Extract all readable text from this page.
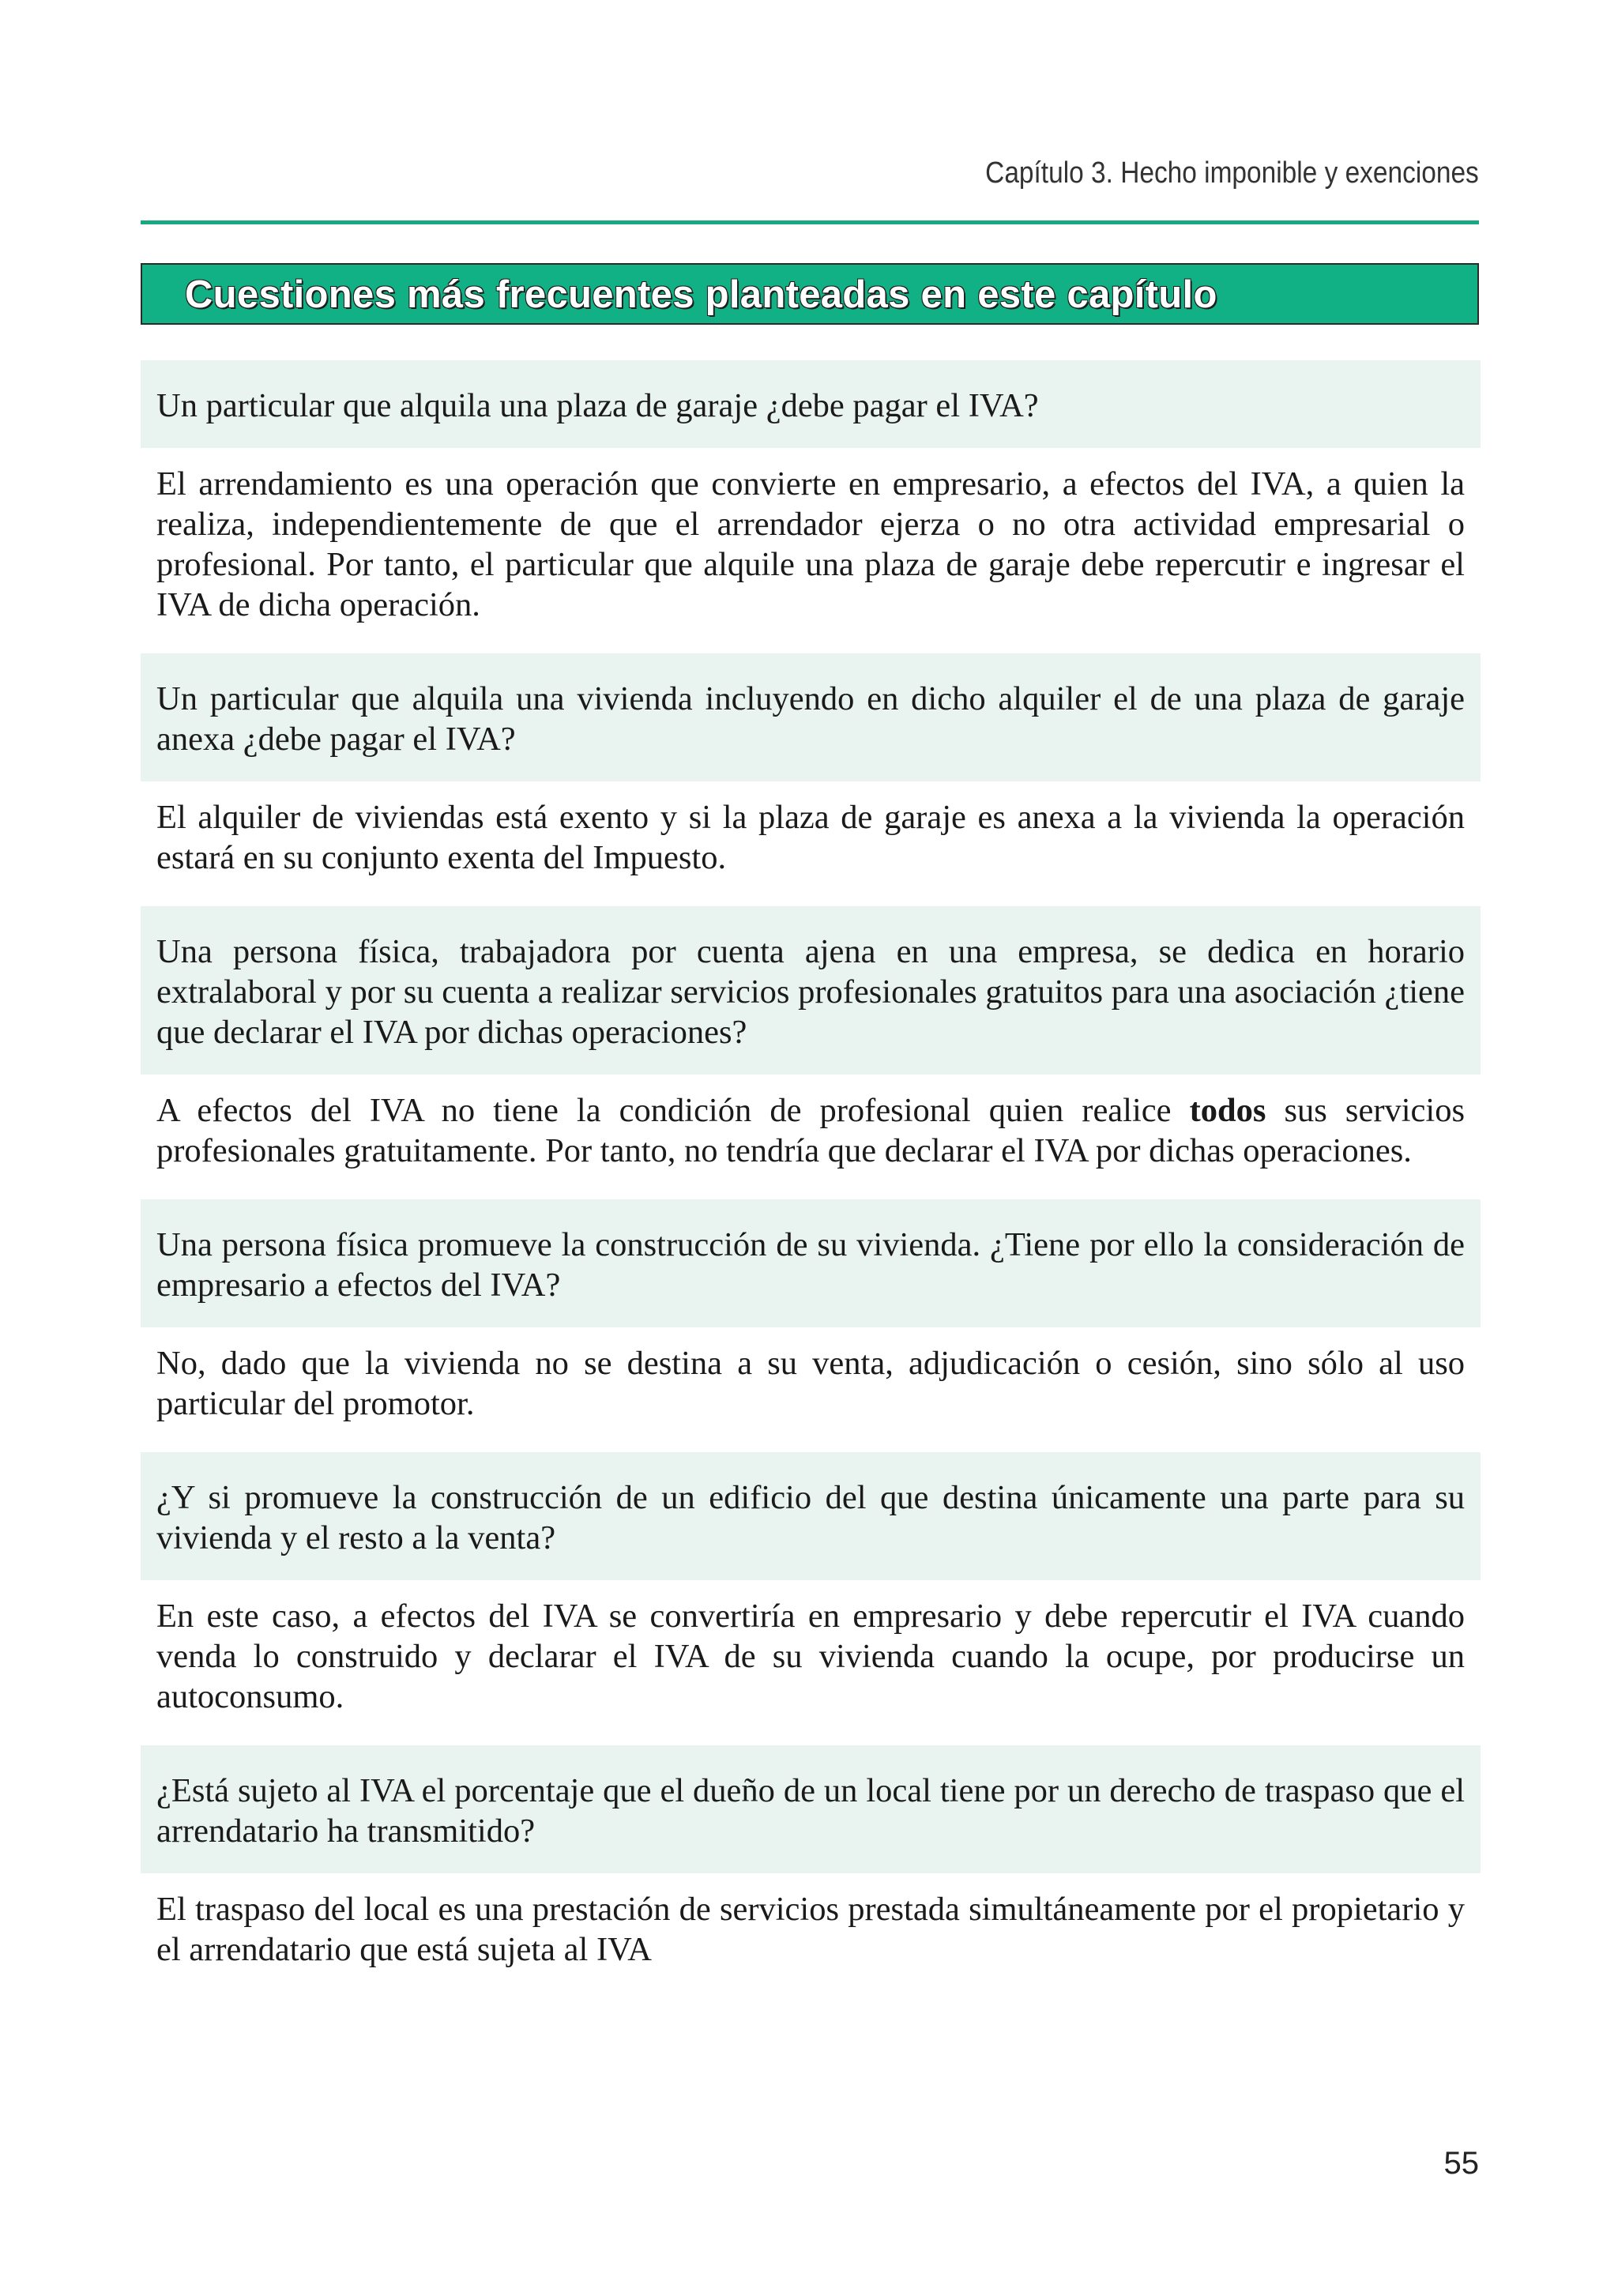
Capítulo 3. Hecho imponible y exenciones
Cuestiones más frecuentes planteadas en este capítulo
Un particular que alquila una plaza de garaje ¿debe pagar el IVA?
El arrendamiento es una operación que convierte en empresario, a efectos del IVA, a quien la realiza, independientemente de que el arrendador ejerza o no otra actividad empresarial o profesional. Por tanto, el particular que alquile una plaza de garaje debe repercutir e ingresar el IVA de dicha operación.
Un particular que alquila una vivienda incluyendo en dicho alquiler el de una plaza de garaje anexa ¿debe pagar el IVA?
El alquiler de viviendas está exento y si la plaza de garaje es anexa a la vivienda la operación estará en su conjunto exenta del Impuesto.
Una persona física, trabajadora por cuenta ajena en una empresa, se dedica en horario extralaboral y por su cuenta a realizar servicios profesionales gratuitos para una asociación ¿tiene que declarar el IVA por dichas operaciones?
A efectos del IVA no tiene la condición de profesional quien realice todos sus servicios profesionales gratuitamente. Por tanto, no tendría que declarar el IVA por dichas operaciones.
Una persona física promueve la construcción de su vivienda. ¿Tiene por ello la consideración de empresario a efectos del IVA?
No, dado que la vivienda no se destina a su venta, adjudicación o cesión, sino sólo al uso particular del promotor.
¿Y si promueve la construcción de un edificio del que destina únicamente una parte para su vivienda y el resto a la venta?
En este caso, a efectos del IVA se convertiría en empresario y debe repercutir el IVA cuando venda lo construido y declarar el IVA de su vivienda cuando la ocupe, por producirse un autoconsumo.
¿Está sujeto al IVA el porcentaje que el dueño de un local tiene por un derecho de traspaso que el arrendatario ha transmitido?
El traspaso del local es una prestación de servicios prestada simultáneamente por el propietario y el arrendatario que está sujeta al IVA
55
